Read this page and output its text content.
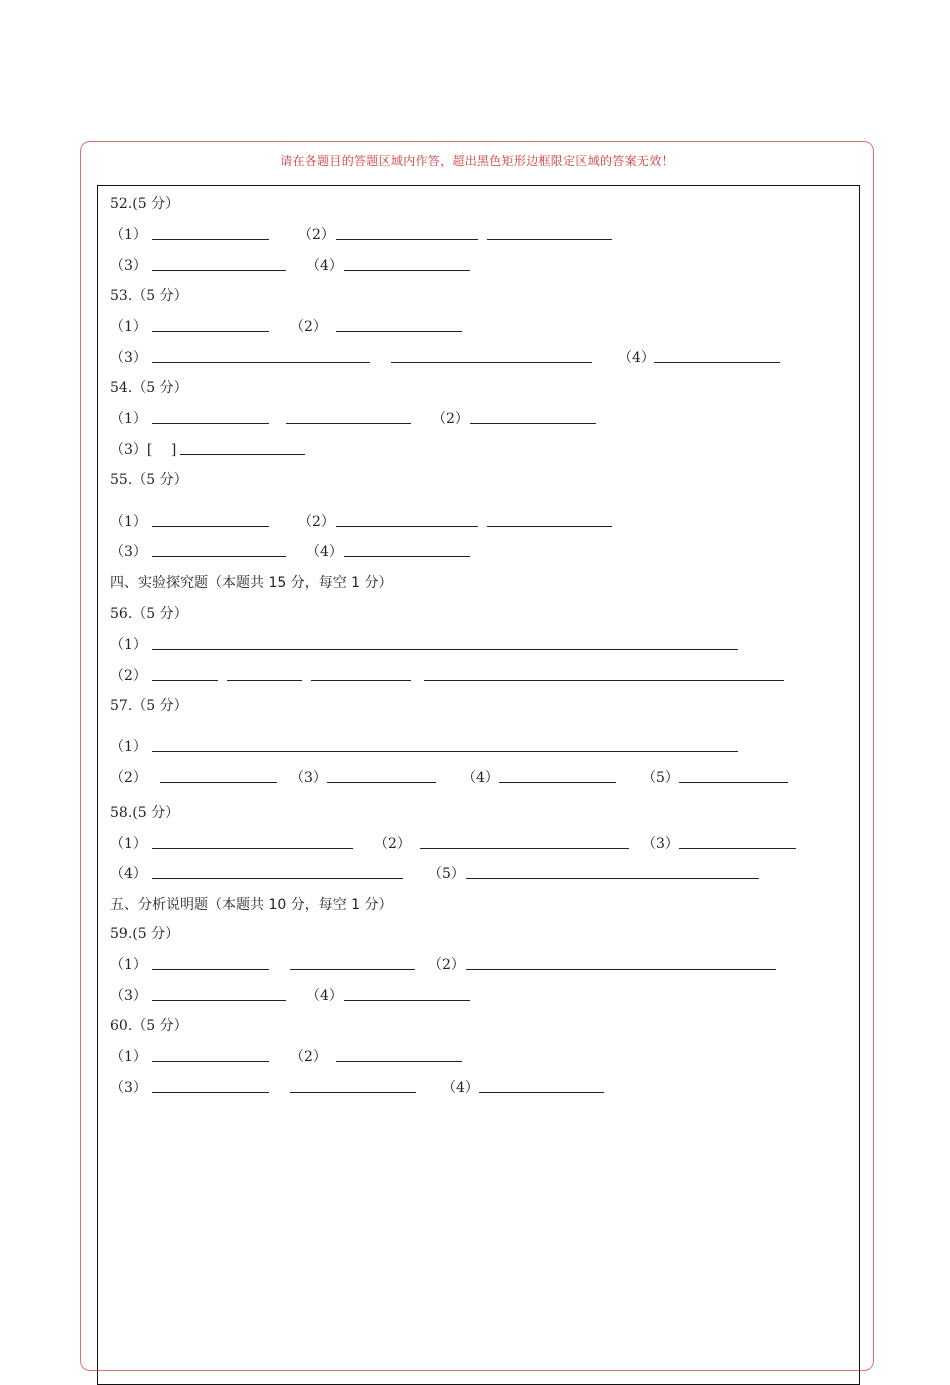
请在各题目的答题区域内作答，超出黑色矩形边框限定区域的答案无效！
52.(5 分）
（1）	（2）
（3）	（4）
53.（5 分）
（1）	（2）
（3）	（4）
54.（5 分）
（1）	（2）
（3）[　 ]
55.（5 分）
（1）	（2）
（3）	（4）
四、实验探究题（本题共 15 分，每空 1 分）
56.（5 分）
（1）
（2）
57.（5 分）
（1）
（2）	（3）	（4）	（5）
58.(5 分）
（1）	（2）	（3）
（4）	（5）
五、分析说明题（本题共 10 分，每空 1 分）
59.(5 分）
（1）	（2）
（3）	（4）
60.（5 分）
（1）	（2）
（3）	（4）
